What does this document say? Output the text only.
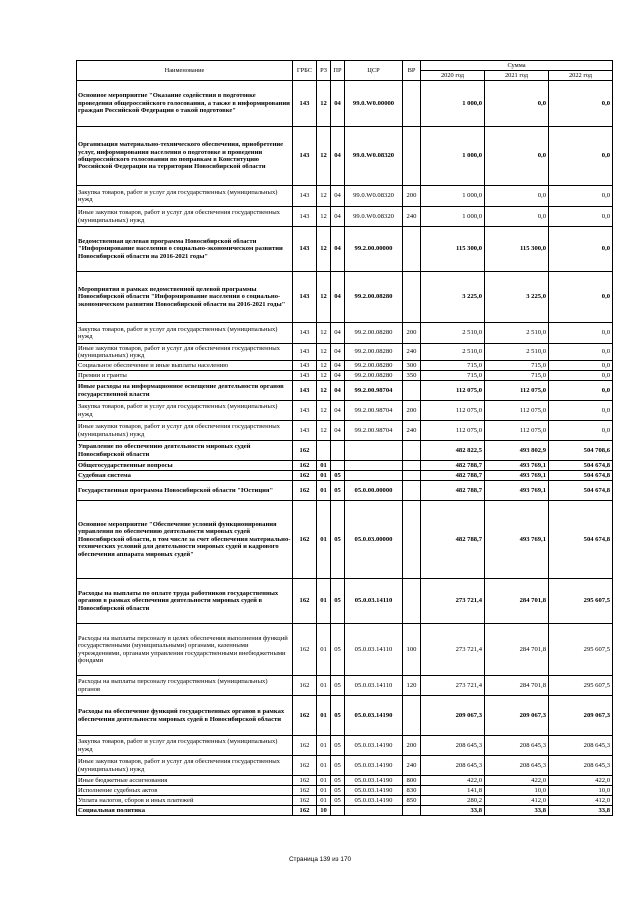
Наименование	ГРБС	РЗ	ПР	ЦСР	ВР	Сумма		
						2020 год	2021 год	2022 год
Основное мероприятие "Оказание содействия в подготовке проведения общероссийского голосования, а также в информировании граждан Российской Федерации о такой подготовке"	143	12	04	99.0.W0.00000		1 000,0	0,0	0,0
Организация материально-технического обеспечения, приобретение услуг, информирования населения о подготовке и проведении общероссийского голосования по поправкам в Конституцию Российской Федерации на территории Новосибирской области	143	12	04	99.0.W0.08320		1 000,0	0,0	0,0
Закупка товаров, работ и услуг для государственных (муниципальных) нужд	143	12	04	99.0.W0.08320	200	1 000,0	0,0	0,0
Иные закупки товаров, работ и услуг для обеспечения государственных (муниципальных) нужд	143	12	04	99.0.W0.08320	240	1 000,0	0,0	0,0
Ведомственная целевая программа Новосибирской области "Информирование населения о социально-экономическом развитии Новосибирской области на 2016-2021 годы"	143	12	04	99.2.00.00000		115 300,0	115 300,0	0,0
Мероприятия в рамках ведомственной целевой программы Новосибирской области "Информирование населения о социально-экономическом развитии Новосибирской области на 2016-2021 годы"	143	12	04	99.2.00.08280		3 225,0	3 225,0	0,0
Закупка товаров, работ и услуг для государственных (муниципальных) нужд	143	12	04	99.2.00.08280	200	2 510,0	2 510,0	0,0
Иные закупки товаров, работ и услуг для обеспечения государственных (муниципальных) нужд	143	12	04	99.2.00.08280	240	2 510,0	2 510,0	0,0
Социальное обеспечение и иные выплаты населению	143	12	04	99.2.00.08280	300	715,0	715,0	0,0
Премии и гранты	143	12	04	99.2.00.08280	350	715,0	715,0	0,0
Иные расходы на информационное освещение деятельности органов государственной власти	143	12	04	99.2.00.98704		112 075,0	112 075,0	0,0
Закупка товаров, работ и услуг для государственных (муниципальных) нужд	143	12	04	99.2.00.98704	200	112 075,0	112 075,0	0,0
Иные закупки товаров, работ и услуг для обеспечения государственных (муниципальных) нужд	143	12	04	99.2.00.98704	240	112 075,0	112 075,0	0,0
Управление по обеспечению деятельности мировых судей Новосибирской области	162					482 822,5	493 802,9	504 708,6
Общегосударственные вопросы	162	01				482 788,7	493 769,1	504 674,8
Судебная система	162	01	05			482 788,7	493 769,1	504 674,8
Государственная программа Новосибирской области "Юстиция"	162	01	05	05.0.00.00000		482 788,7	493 769,1	504 674,8
Основное мероприятие "Обеспечение условий функционирования управления по обеспечению деятельности мировых судей Новосибирской области, в том числе за счет обеспечения материально-технических условий для деятельности мировых судей и кадрового обеспечения аппарата мировых судей"	162	01	05	05.0.03.00000		482 788,7	493 769,1	504 674,8
Расходы на выплаты по оплате труда работников государственных органов в рамках обеспечения деятельности мировых судей в Новосибирской области	162	01	05	05.0.03.14110		273 721,4	284 701,8	295 607,5
Расходы на выплаты персоналу в целях обеспечения выполнения функций государственными (муниципальными) органами, казенными учреждениями, органами управления государственными внебюджетными фондами	162	01	05	05.0.03.14110	100	273 721,4	284 701,8	295 607,5
Расходы на выплаты персоналу государственных (муниципальных) органов	162	01	05	05.0.03.14110	120	273 721,4	284 701,8	295 607,5
Расходы на обеспечение функций государственных органов в рамках обеспечения деятельности мировых судей в Новосибирской области	162	01	05	05.0.03.14190		209 067,3	209 067,3	209 067,3
Закупка товаров, работ и услуг для государственных (муниципальных) нужд	162	01	05	05.0.03.14190	200	208 645,3	208 645,3	208 645,3
Иные закупки товаров, работ и услуг для обеспечения государственных (муниципальных) нужд	162	01	05	05.0.03.14190	240	208 645,3	208 645,3	208 645,3
Иные бюджетные ассигнования	162	01	05	05.0.03.14190	800	422,0	422,0	422,0
Исполнение судебных актов	162	01	05	05.0.03.14190	830	141,8	10,0	10,0
Уплата налогов, сборов и иных платежей	162	01	05	05.0.03.14190	850	280,2	412,0	412,0
Социальная политика	162	10				33,8	33,8	33,8
Страница 139 из 170
